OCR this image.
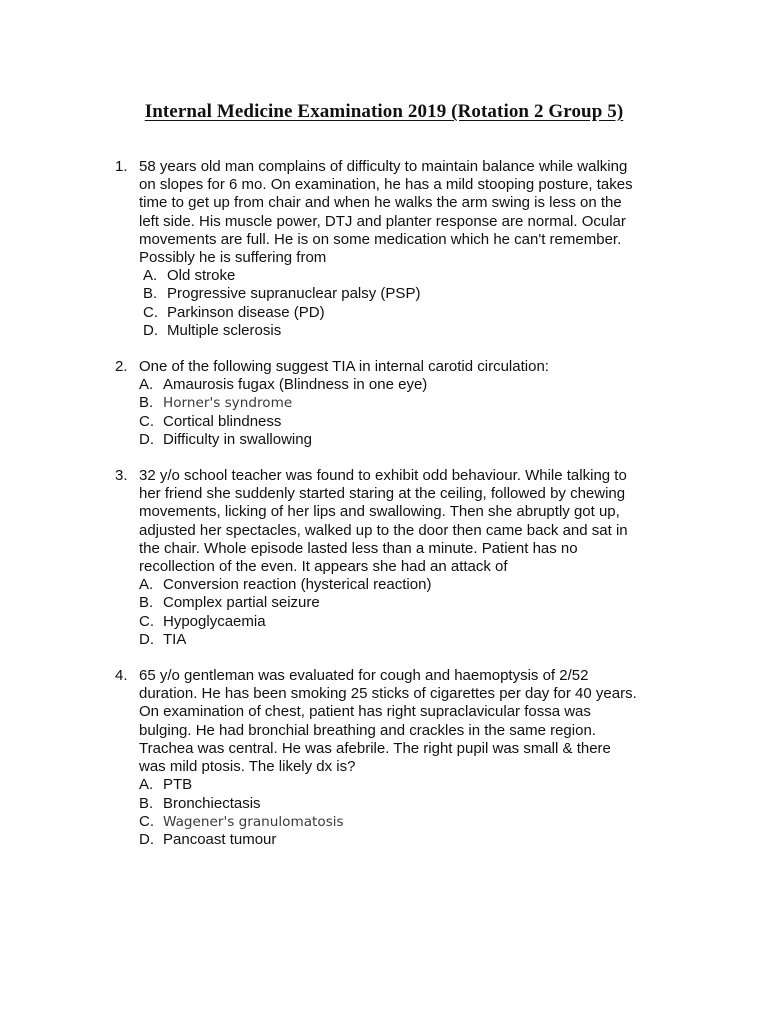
Internal Medicine Examination 2019 (Rotation 2 Group 5)
1. 58 years old man complains of difficulty to maintain balance while walking
on slopes for 6 mo. On examination, he has a mild stooping posture, takes
time to get up from chair and when he walks the arm swing is less on the
left side. His muscle power, DTJ and planter response are normal. Ocular
movements are full. He is on some medication which he can't remember.
Possibly he is suffering from
A. Old stroke
B. Progressive supranuclear palsy (PSP)
C. Parkinson disease (PD)
D. Multiple sclerosis
2. One of the following suggest TIA in internal carotid circulation:
A. Amaurosis fugax (Blindness in one eye)
B. Horner's syndrome
C. Cortical blindness
D. Difficulty in swallowing
3. 32 y/o school teacher was found to exhibit odd behaviour. While talking to
her friend she suddenly started staring at the ceiling, followed by chewing
movements, licking of her lips and swallowing. Then she abruptly got up,
adjusted her spectacles, walked up to the door then came back and sat in
the chair. Whole episode lasted less than a minute. Patient has no
recollection of the even. It appears she had an attack of
A. Conversion reaction (hysterical reaction)
B. Complex partial seizure
C. Hypoglycaemia
D. TIA
4. 65 y/o gentleman was evaluated for cough and haemoptysis of 2/52
duration. He has been smoking 25 sticks of cigarettes per day for 40 years.
On examination of chest, patient has right supraclavicular fossa was
bulging. He had bronchial breathing and crackles in the same region.
Trachea was central. He was afebrile. The right pupil was small & there
was mild ptosis. The likely dx is?
A. PTB
B. Bronchiectasis
C. Wagener's granulomatosis
D. Pancoast tumour
